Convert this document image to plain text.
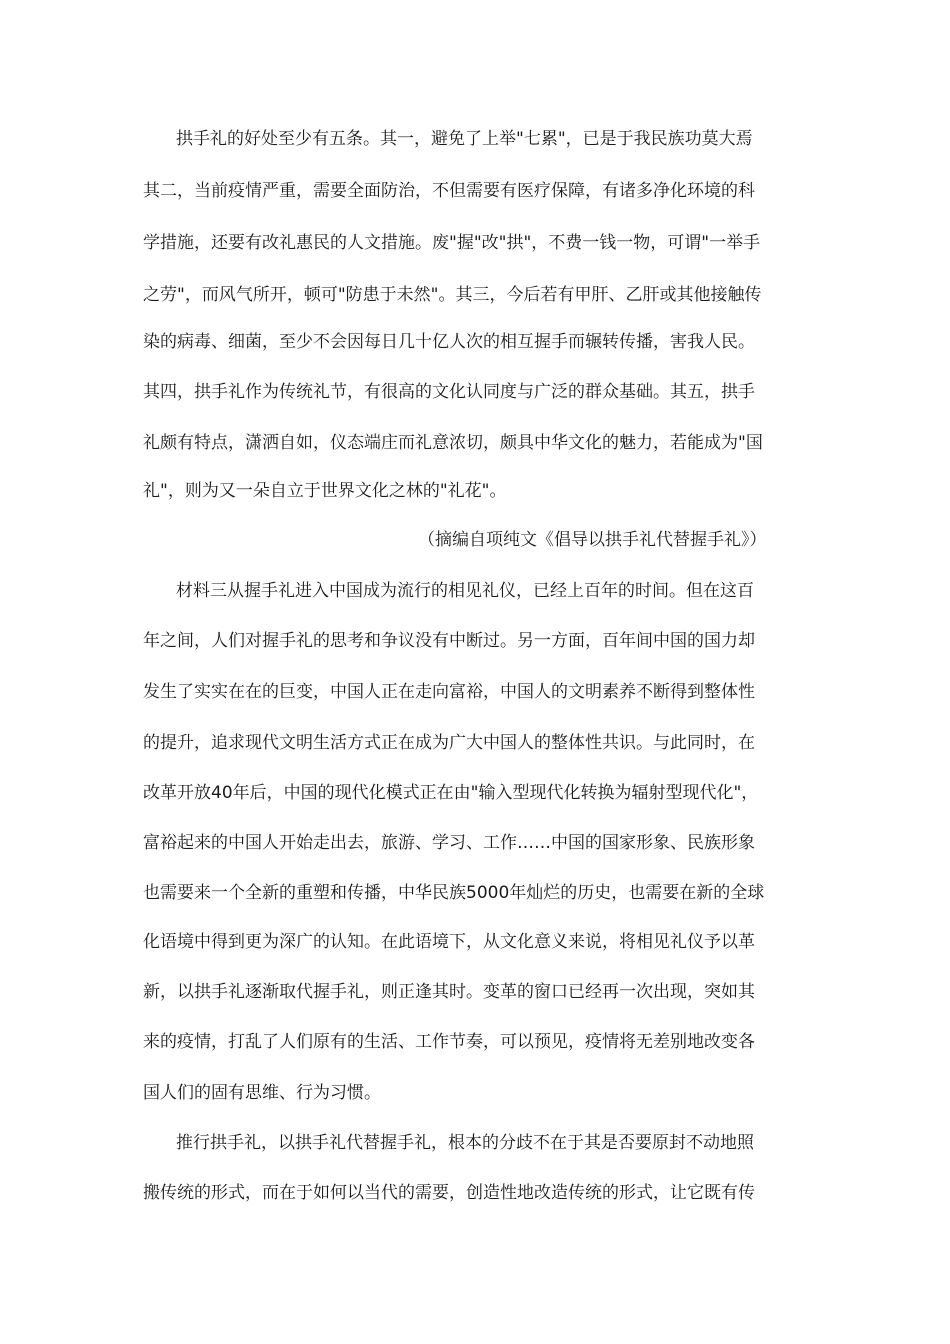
拱手礼的好处至少有五条。其一，避免了上举"七累"，已是于我民族功莫大焉
其二，当前疫情严重，需要全面防治，不但需要有医疗保障，有诸多净化环境的科
学措施，还要有改礼惠民的人文措施。废"握"改"拱"，不费一钱一物，可谓"一举手
之劳"，而风气所开，顿可"防患于未然"。其三，今后若有甲肝、乙肝或其他接触传
染的病毒、细菌，至少不会因每日几十亿人次的相互握手而辗转传播，害我人民。
其四，拱手礼作为传统礼节，有很高的文化认同度与广泛的群众基础。其五，拱手
礼颇有特点，潇洒自如，仪态端庄而礼意浓切，颇具中华文化的魅力，若能成为"国
礼"，则为又一朵自立于世界文化之林的"礼花"。
（摘编自项纯文《倡导以拱手礼代替握手礼》）
材料三从握手礼进入中国成为流行的相见礼仪，已经上百年的时间。但在这百
年之间，人们对握手礼的思考和争议没有中断过。另一方面，百年间中国的国力却
发生了实实在在的巨变，中国人正在走向富裕，中国人的文明素养不断得到整体性
的提升，追求现代文明生活方式正在成为广大中国人的整体性共识。与此同时，在
改革开放40年后，中国的现代化模式正在由"输入型现代化转换为辐射型现代化"，
富裕起来的中国人开始走出去，旅游、学习、工作……中国的国家形象、民族形象
也需要来一个全新的重塑和传播，中华民族5000年灿烂的历史，也需要在新的全球
化语境中得到更为深广的认知。在此语境下，从文化意义来说，将相见礼仪予以革
新，以拱手礼逐渐取代握手礼，则正逢其时。变革的窗口已经再一次出现，突如其
来的疫情，打乱了人们原有的生活、工作节奏，可以预见，疫情将无差别地改变各
国人们的固有思维、行为习惯。
推行拱手礼，以拱手礼代替握手礼，根本的分歧不在于其是否要原封不动地照
搬传统的形式，而在于如何以当代的需要，创造性地改造传统的形式，让它既有传
